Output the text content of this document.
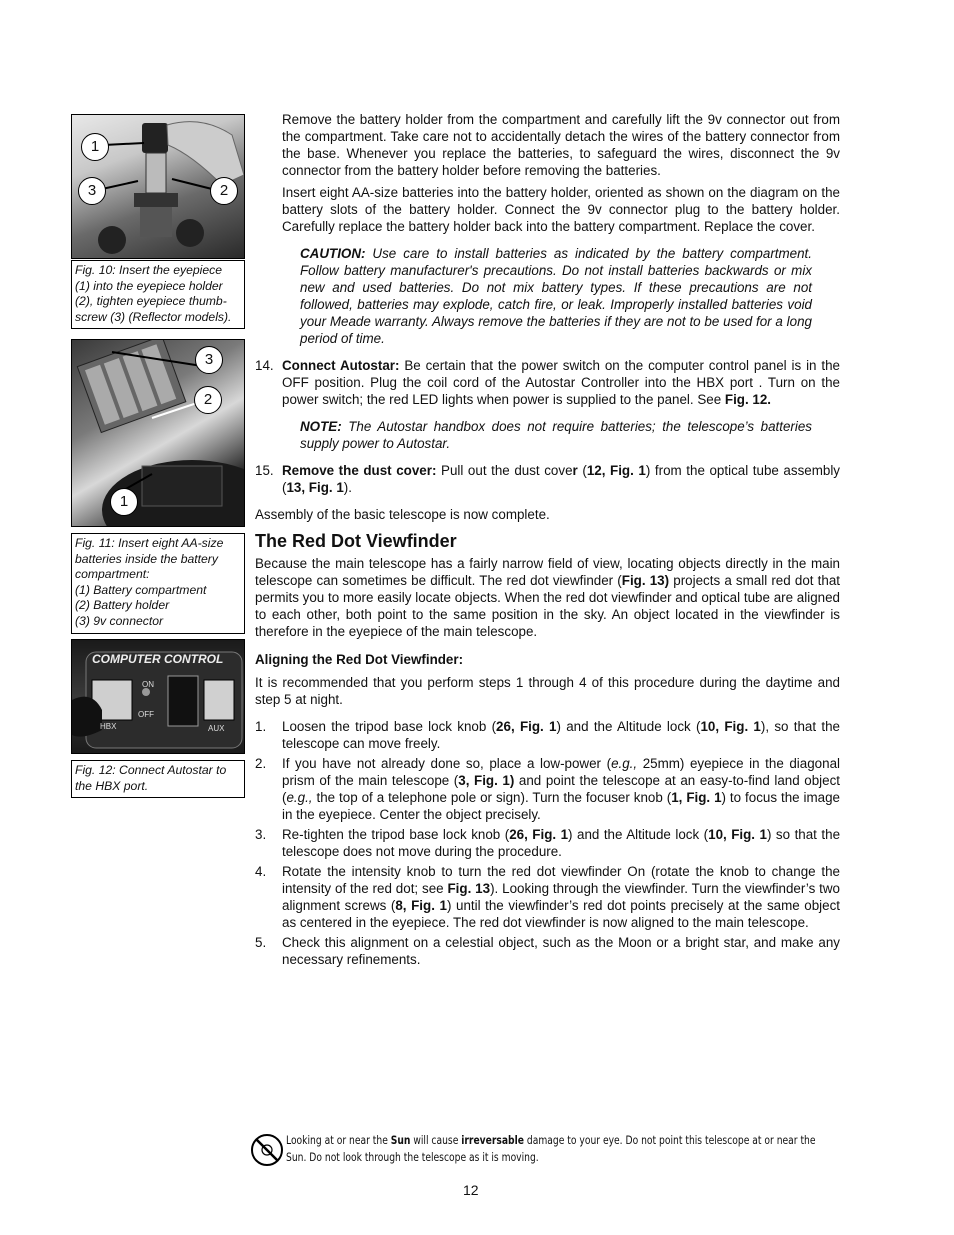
1
3	2
Fig. 10: Insert the eyepiece
(1) into the eyepiece holder
(2), tighten eyepiece thumb-
screw (3) (Reflector models).
3
2
1
Fig. 11: Insert eight AA-size
batteries inside the battery
compartment:
(1) Battery compartment
(2) Battery holder
(3) 9v connector
COMPUTER CONTROL
ON
OFF
HBX	AUX
Fig. 12: Connect Autostar to
the HBX port.

Remove the battery holder from the compartment and carefully lift the 9v connector out from the compartment. Take care not to accidentally detach the wires of the battery connector from the base. Whenever you replace the batteries, to safeguard the wires, disconnect the 9v connector from the battery holder before removing the batteries.

Insert eight AA-size batteries into the battery holder, oriented as shown on the diagram on the battery slots of the battery holder. Connect the 9v connector plug to the battery holder. Carefully replace the battery holder back into the battery compartment. Replace the cover.

CAUTION: Use care to install batteries as indicated by the battery compartment. Follow battery manufacturer's precautions. Do not install batteries backwards or mix new and used batteries. Do not mix battery types. If these precautions are not followed, batteries may explode, catch fire, or leak. Improperly installed batteries void your Meade warranty. Always remove the batteries if they are not to be used for a long period of time.

14. Connect Autostar: Be certain that the power switch on the computer control panel is in the OFF position. Plug the coil cord of the Autostar Controller into the HBX port . Turn on the power switch; the red LED lights when power is supplied to the panel. See Fig. 12.

NOTE: The Autostar handbox does not require batteries; the telescope’s batteries supply power to Autostar.

15. Remove the dust cover: Pull out the dust cover (12, Fig. 1) from the optical tube assembly (13, Fig. 1).

Assembly of the basic telescope is now complete.

The Red Dot Viewfinder

Because the main telescope has a fairly narrow field of view, locating objects directly in the main telescope can sometimes be difficult. The red dot viewfinder (Fig. 13) projects a small red dot that permits you to more easily locate objects. When the red dot viewfinder and optical tube are aligned to each other, both point to the same position in the sky. An object located in the viewfinder is therefore in the eyepiece of the main telescope.

Aligning the Red Dot Viewfinder:

It is recommended that you perform steps 1 through 4 of this procedure during the daytime and step 5 at night.

1. Loosen the tripod base lock knob (26, Fig. 1) and the Altitude lock (10, Fig. 1), so that the telescope can move freely.

2. If you have not already done so, place a low-power (e.g., 25mm) eyepiece in the diagonal prism of the main telescope (3, Fig. 1) and point the telescope at an easy-to-find land object (e.g., the top of a telephone pole or sign). Turn the focuser knob (1, Fig. 1) to focus the image in the eyepiece. Center the object precisely.

3. Re-tighten the tripod base lock knob (26, Fig. 1) and the Altitude lock (10, Fig. 1) so that the telescope does not move during the procedure.

4. Rotate the intensity knob to turn the red dot viewfinder On (rotate the knob to change the intensity of the red dot; see Fig. 13). Looking through the viewfinder. Turn the viewfinder’s two alignment screws (8, Fig. 1) until the viewfinder’s red dot points precisely at the same object as centered in the eyepiece. The red dot viewfinder is now aligned to the main telescope.

5. Check this alignment on a celestial object, such as the Moon or a bright star, and make any necessary refinements.

Looking at or near the Sun will cause irreversable damage to your eye. Do not point this telescope at or near the
Sun. Do not look through the telescope as it is moving.
12
